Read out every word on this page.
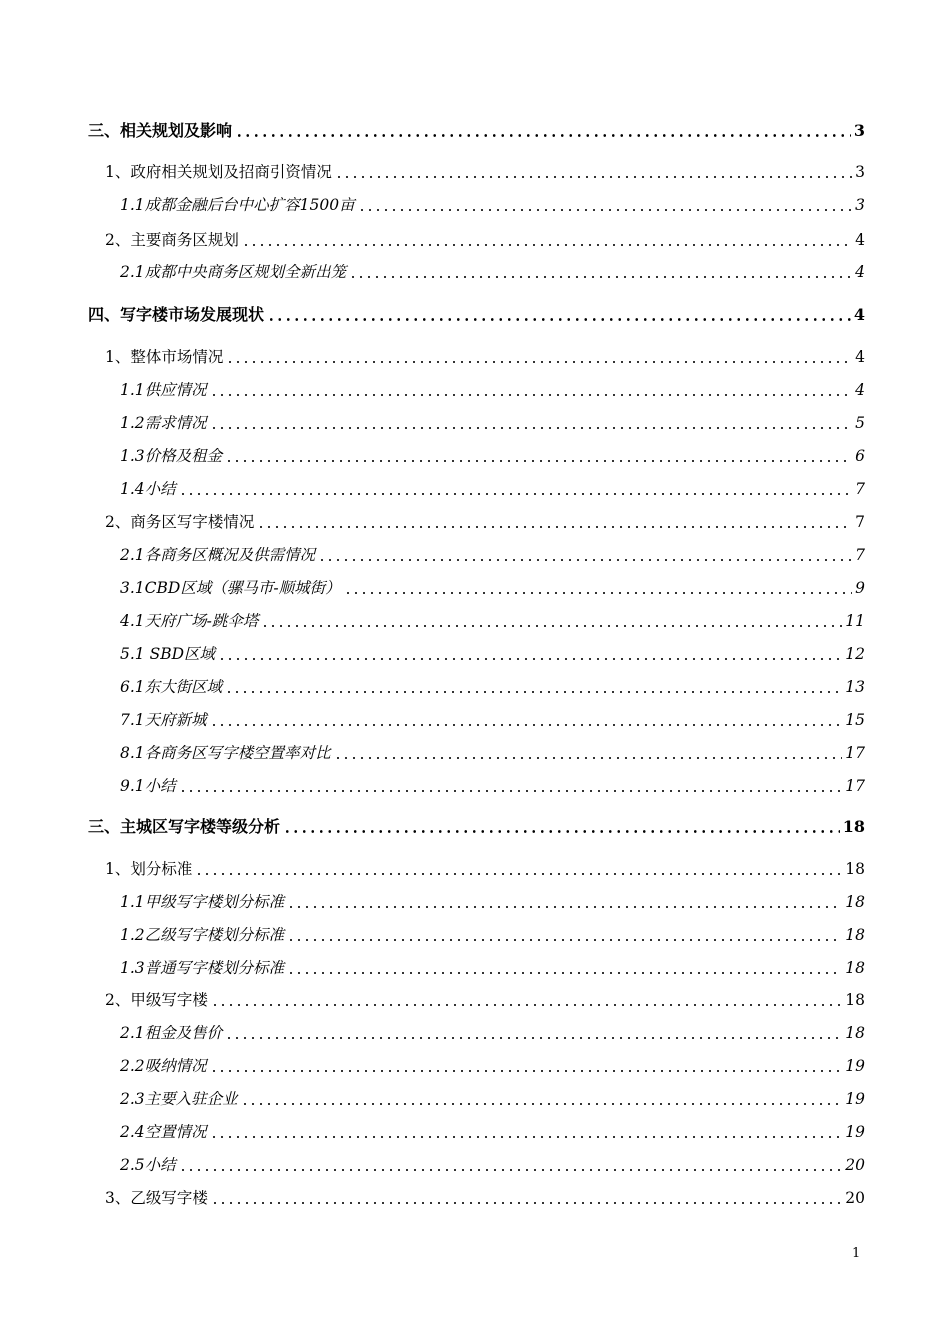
三、相关规划及影响	3
1、政府相关规划及招商引资情况	3
1.1成都金融后台中心扩容1500亩	3
2、主要商务区规划	4
2.1成都中央商务区规划全新出笼	4
四、写字楼市场发展现状	4
1、整体市场情况	4
1.1供应情况	4
1.2需求情况	5
1.3价格及租金	6
1.4小结	7
2、商务区写字楼情况	7
2.1各商务区概况及供需情况	7
3.1CBD区域（骡马市-顺城街）	9
4.1天府广场-跳伞塔	11
5.1 SBD区域	12
6.1东大街区域	13
7.1天府新城	15
8.1各商务区写字楼空置率对比	17
9.1小结	17
三、主城区写字楼等级分析	18
1、划分标准	18
1.1甲级写字楼划分标准	18
1.2乙级写字楼划分标准	18
1.3普通写字楼划分标准	18
2、甲级写字楼	18
2.1租金及售价	18
2.2吸纳情况	19
2.3主要入驻企业	19
2.4空置情况	19
2.5小结	20
3、乙级写字楼	20
1
